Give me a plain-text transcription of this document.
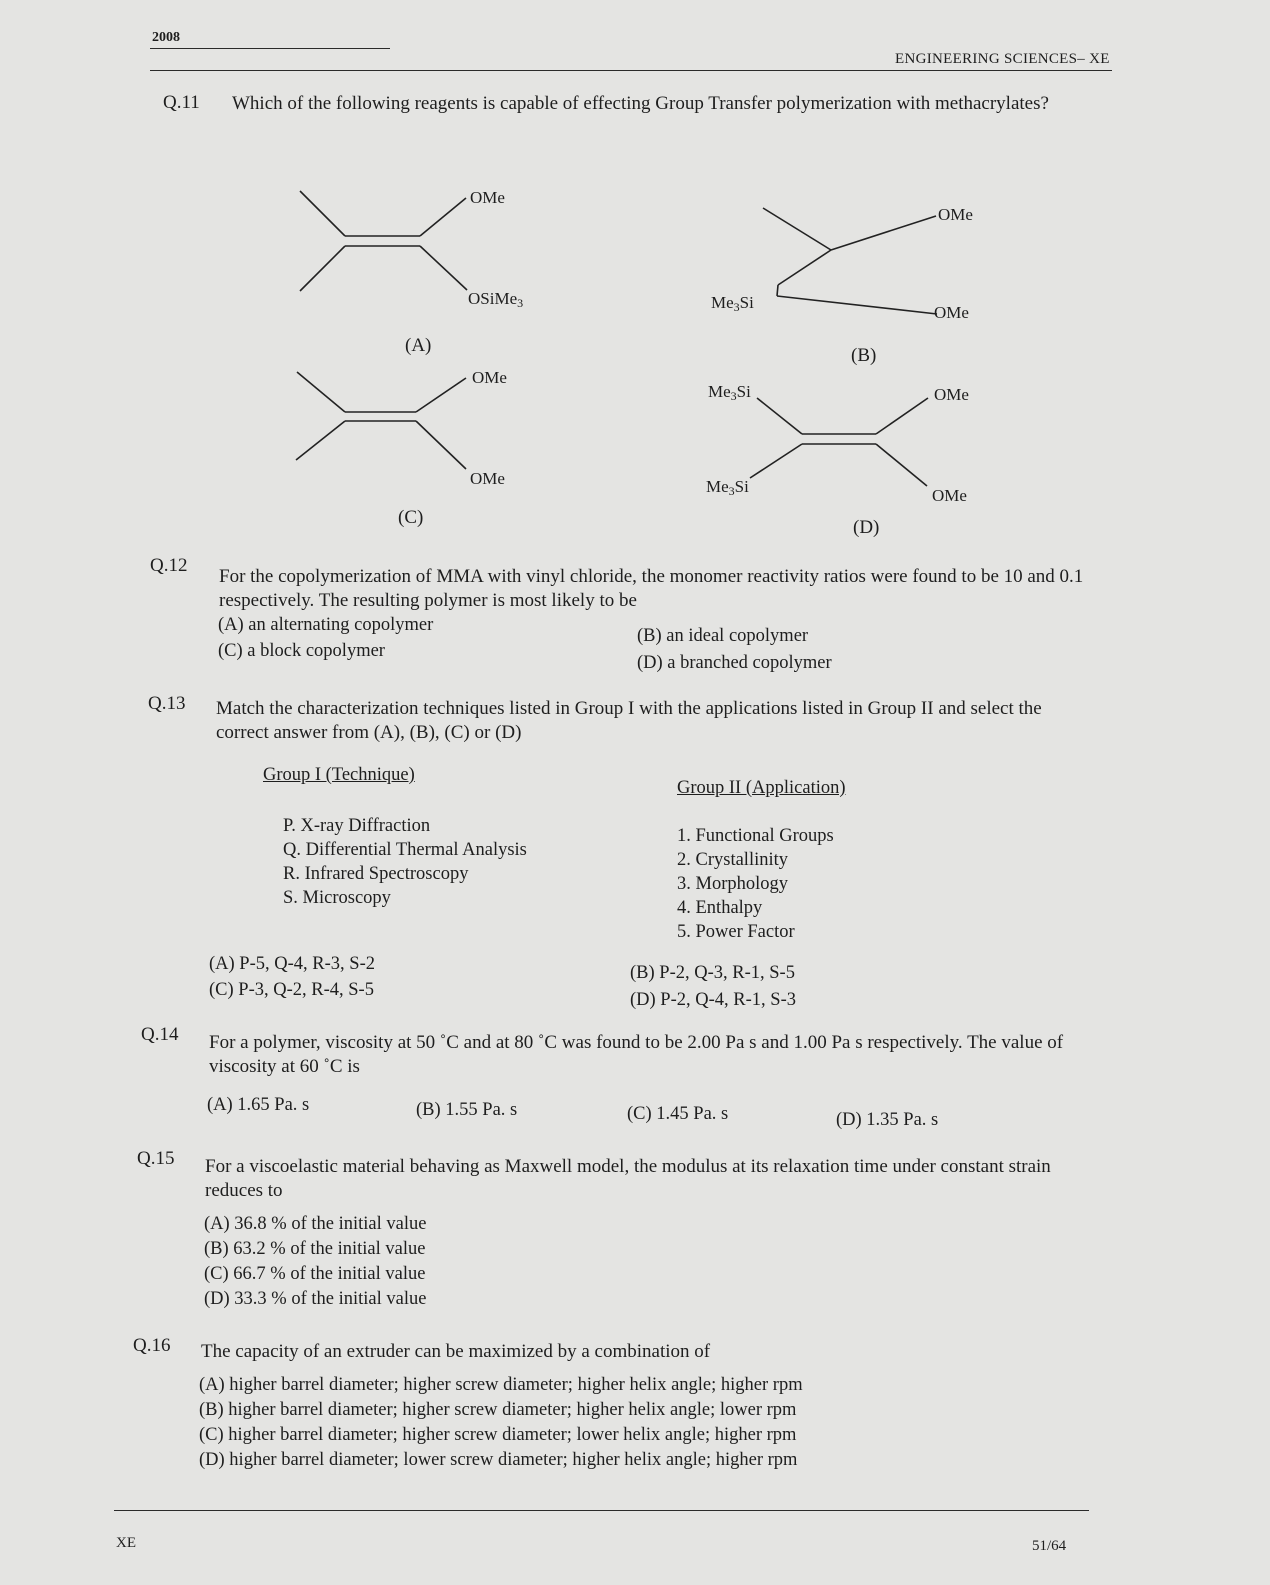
2008
ENGINEERING SCIENCES– XE
Q.11 Which of the following reagents is capable of effecting Group Transfer polymerization with methacrylates?
OMe
OSiMe$_3$
(A)
OMe
$Me_3Si$
OMe
(B)
OMe
OMe
(C)
$Me_3Si$	OMe
$Me_3Si$	OMe
(D)
Q.12
For the copolymerization of MMA with vinyl chloride, the monomer reactivity ratios were found to be 10 and 0.1 respectively. The resulting polymer is most likely to be
(A) an alternating copolymer
(B) an ideal copolymer
(C) a block copolymer
(D) a branched copolymer
Q.13 Match the characterization techniques listed in Group I with the applications listed in Group II and select the correct answer from (A), (B), (C) or (D)
Group I (Technique)
Group II (Application)
P. X-ray Diffraction
Q. Differential Thermal Analysis
R. Infrared Spectroscopy
S. Microscopy
1. Functional Groups
2. Crystallinity
3. Morphology
4. Enthalpy
5. Power Factor
(A) P-5, Q-4, R-3, S-2	(B) P-2, Q-3, R-1, S-5
(C) P-3, Q-2, R-4, S-5	(D) P-2, Q-4, R-1, S-3
Q.14 For a polymer, viscosity at 50 ˚C and at 80 ˚C was found to be 2.00 Pa s and 1.00 Pa s respectively. The value of viscosity at 60 ˚C is
(A) 1.65 Pa. s	(B) 1.55 Pa. s	(C) 1.45 Pa. s	(D) 1.35 Pa. s
Q.15 For a viscoelastic material behaving as Maxwell model, the modulus at its relaxation time under constant strain reduces to
(A) 36.8 % of the initial value
(B) 63.2 % of the initial value
(C) 66.7 % of the initial value
(D) 33.3 % of the initial value
Q.16 The capacity of an extruder can be maximized by a combination of
(A) higher barrel diameter; higher screw diameter; higher helix angle; higher rpm
(B) higher barrel diameter; higher screw diameter; higher helix angle; lower rpm
(C) higher barrel diameter; higher screw diameter; lower helix angle; higher rpm
(D) higher barrel diameter; lower screw diameter; higher helix angle; higher rpm
XE	51/64
